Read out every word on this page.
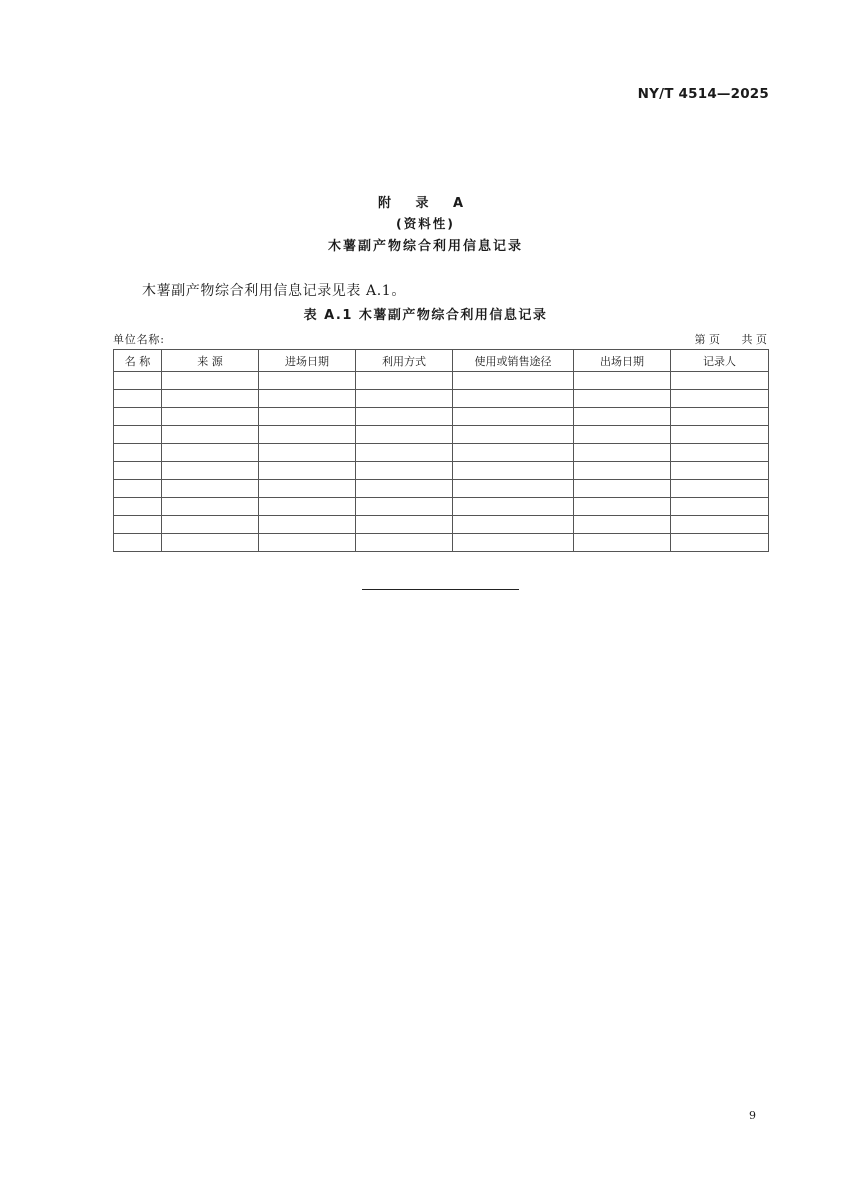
NY/T 4514—2025
附 录 A
(资料性)
木薯副产物综合利用信息记录
木薯副产物综合利用信息记录见表 A.1。
表 A.1 木薯副产物综合利用信息记录
单位名称:	第 页 共 页
名 称	来 源	进场日期	利用方式	使用或销售途径	出场日期	记录人

9
